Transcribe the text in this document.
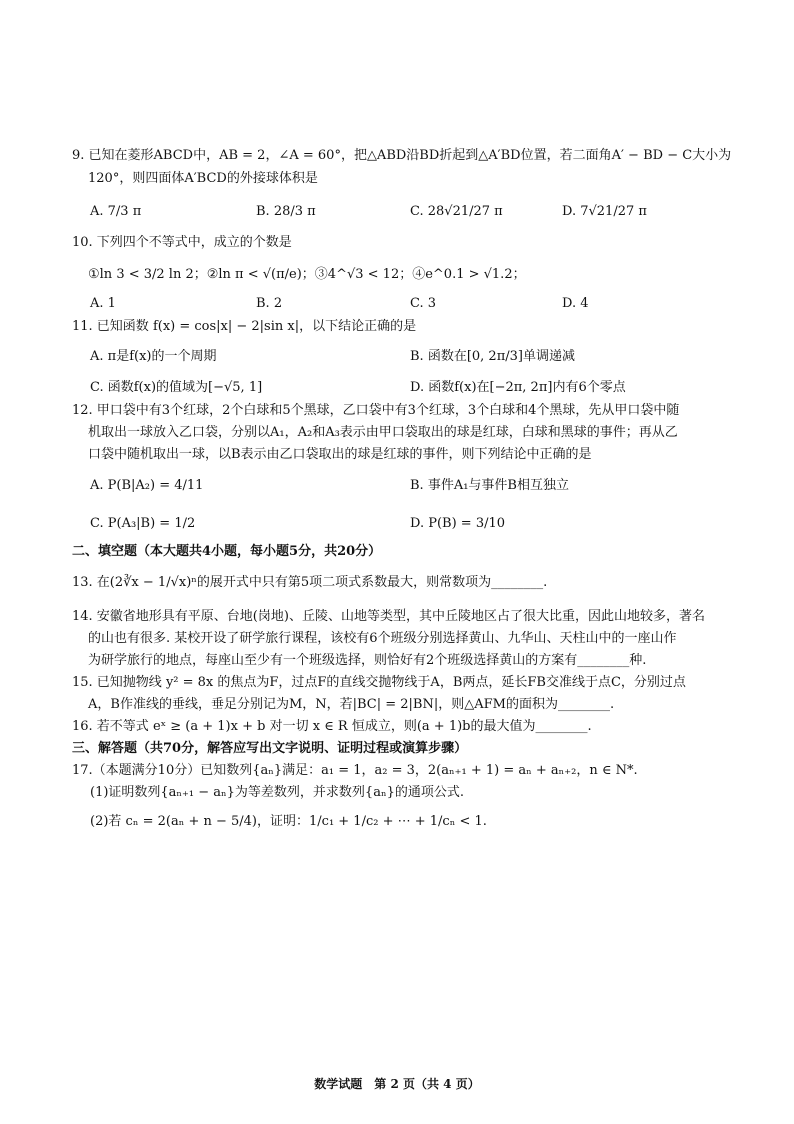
9. 已知在菱形ABCD中，AB = 2，∠A = 60°，把△ABD沿BD折起到△A′BD位置，若二面角A′ − BD − C大小为
120°，则四面体A′BCD的外接球体积是
A. 7/3 π	B. 28/3 π	C. 28√21/27 π	D. 7√21/27 π
10. 下列四个不等式中，成立的个数是
①ln 3 < 3/2 ln 2；②ln π < √(π/e)；③4^√3 < 12；④e^0.1 > √1.2；
A. 1	B. 2	C. 3	D. 4
11. 已知函数 f(x) = cos|x| − 2|sin x|，以下结论正确的是
A. π是f(x)的一个周期	B. 函数在[0, 2π/3]单调递减
C. 函数f(x)的值域为[−√5, 1]	D. 函数f(x)在[−2π, 2π]内有6个零点
12. 甲口袋中有3个红球，2个白球和5个黑球，乙口袋中有3个红球，3个白球和4个黑球，先从甲口袋中随
机取出一球放入乙口袋，分别以A₁，A₂和A₃表示由甲口袋取出的球是红球，白球和黑球的事件；再从乙
口袋中随机取出一球，以B表示由乙口袋取出的球是红球的事件，则下列结论中正确的是
A. P(B|A₂) = 4/11	B. 事件A₁与事件B相互独立
C. P(A₃|B) = 1/2	D. P(B) = 3/10
二、填空题（本大题共4小题，每小题5分，共20分）
13. 在(2∛x − 1/√x)ⁿ的展开式中只有第5项二项式系数最大，则常数项为________.
14. 安徽省地形具有平原、台地(岗地)、丘陵、山地等类型，其中丘陵地区占了很大比重，因此山地较多，著名
的山也有很多. 某校开设了研学旅行课程，该校有6个班级分别选择黄山、九华山、天柱山中的一座山作
为研学旅行的地点，每座山至少有一个班级选择，则恰好有2个班级选择黄山的方案有________种.
15. 已知抛物线 y² = 8x 的焦点为F，过点F的直线交抛物线于A，B两点，延长FB交准线于点C，分别过点
A，B作准线的垂线，垂足分别记为M，N，若|BC| = 2|BN|，则△AFM的面积为________.
16. 若不等式 eˣ ≥ (a + 1)x + b 对一切 x ∈ R 恒成立，则(a + 1)b的最大值为________.
三、解答题（共70分，解答应写出文字说明、证明过程或演算步骤）
17.（本题满分10分）已知数列{aₙ}满足：a₁ = 1，a₂ = 3，2(aₙ₊₁ + 1) = aₙ + aₙ₊₂，n ∈ N*.
(1)证明数列{aₙ₊₁ − aₙ}为等差数列，并求数列{aₙ}的通项公式.
(2)若 cₙ = 2(aₙ + n − 5/4)，证明：1/c₁ + 1/c₂ + ⋯ + 1/cₙ < 1.
数学试题　第 2 页（共 4 页）
